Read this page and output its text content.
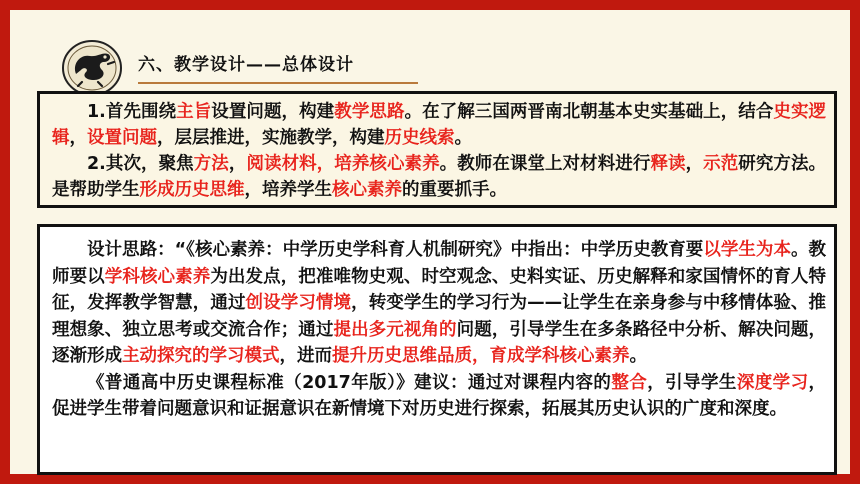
六、教学设计——总体设计

1.首先围绕主旨设置问题，构建教学思路。在了解三国两晋南北朝基本史实基础上，结合史实逻辑，设置问题，层层推进，实施教学，构建历史线索。

2.其次，聚焦方法，阅读材料，培养核心素养。教师在课堂上对材料进行释读，示范研究方法。是帮助学生形成历史思维，培养学生核心素养的重要抓手。

设计思路：“《核心素养：中学历史学科育人机制研究》中指出：中学历史教育要以学生为本。教师要以学科核心素养为出发点，把准唯物史观、时空观念、史料实证、历史解释和家国情怀的育人特征，发挥教学智慧，通过创设学习情境，转变学生的学习行为——让学生在亲身参与中移情体验、推理想象、独立思考或交流合作；通过提出多元视角的问题，引导学生在多条路径中分析、解决问题，逐渐形成主动探究的学习模式，进而提升历史思维品质，育成学科核心素养。

《普通高中历史课程标准（2017年版）》建议：通过对课程内容的整合，引导学生深度学习，促进学生带着问题意识和证据意识在新情境下对历史进行探索，拓展其历史认识的广度和深度。
